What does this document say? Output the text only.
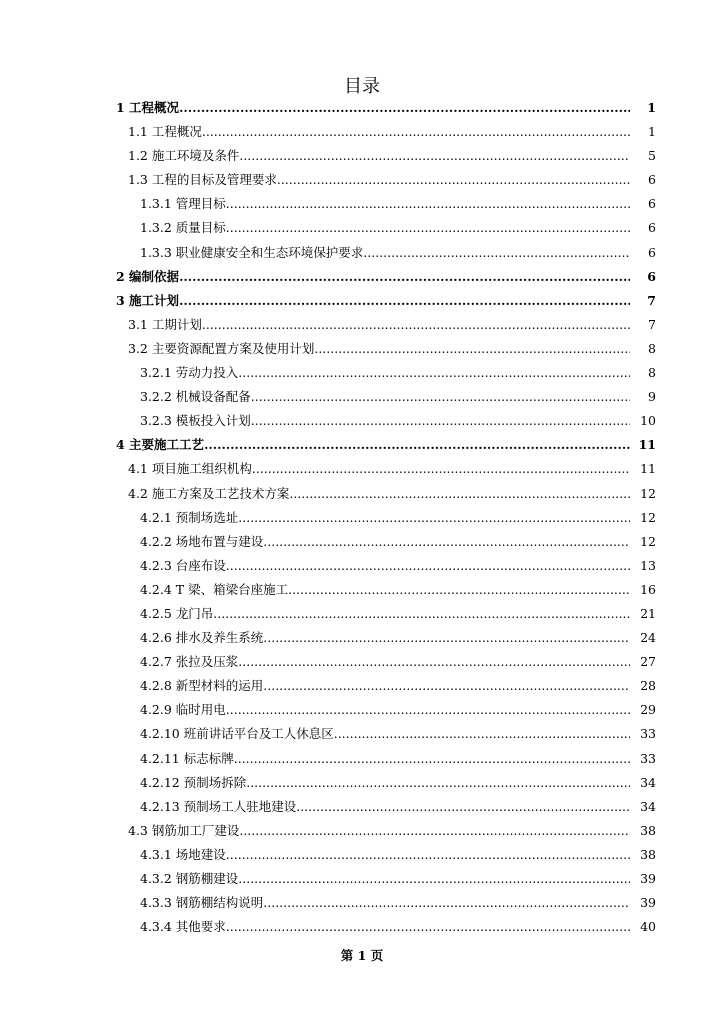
目录
1 工程概况 .....	1
1.1 工程概况 .....	1
1.2 施工环境及条件 .....	5
1.3 工程的目标及管理要求 .....	6
1.3.1 管理目标 .....	6
1.3.2 质量目标 .....	6
1.3.3 职业健康安全和生态环境保护要求 .....	6
2 编制依据 .....	6
3 施工计划 .....	7
3.1 工期计划 .....	7
3.2 主要资源配置方案及使用计划 .....	8
3.2.1 劳动力投入 .....	8
3.2.2 机械设备配备 .....	9
3.2.3 模板投入计划 .....	10
4 主要施工工艺 .....	11
4.1 项目施工组织机构 .....	11
4.2 施工方案及工艺技术方案 .....	12
4.2.1 预制场选址 .....	12
4.2.2 场地布置与建设 .....	12
4.2.3 台座布设 .....	13
4.2.4 T 梁、箱梁台座施工 .....	16
4.2.5 龙门吊 .....	21
4.2.6 排水及养生系统 .....	24
4.2.7 张拉及压浆 .....	27
4.2.8 新型材料的运用 .....	28
4.2.9 临时用电 .....	29
4.2.10 班前讲话平台及工人休息区 .....	33
4.2.11 标志标牌 .....	33
4.2.12 预制场拆除 .....	34
4.2.13 预制场工人驻地建设 .....	34
4.3 钢筋加工厂建设 .....	38
4.3.1 场地建设 .....	38
4.3.2 钢筋棚建设 .....	39
4.3.3 钢筋棚结构说明 .....	39
4.3.4 其他要求 .....	40
第 1 页
